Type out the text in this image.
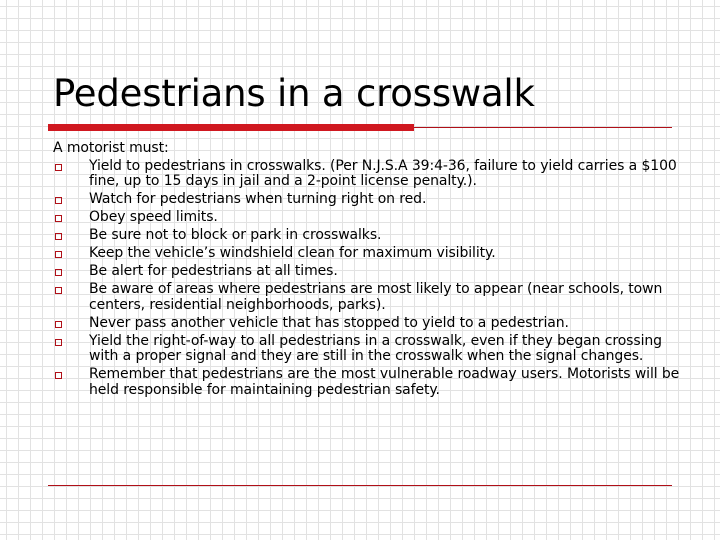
Pedestrians in a crosswalk

A motorist must:

Yield to pedestrians in crosswalks. (Per N.J.S.A 39:4-36, failure to yield carries a $100 fine, up to 15 days in jail and a 2-point license penalty.).
Watch for pedestrians when turning right on red.
Obey speed limits.
Be sure not to block or park in crosswalks.
Keep the vehicle’s windshield clean for maximum visibility.
Be alert for pedestrians at all times.
Be aware of areas where pedestrians are most likely to appear (near schools, town centers, residential neighborhoods, parks).
Never pass another vehicle that has stopped to yield to a pedestrian.
Yield the right-of-way to all pedestrians in a crosswalk, even if they began crossing with a proper signal and they are still in the crosswalk when the signal changes.
Remember that pedestrians are the most vulnerable roadway users. Motorists will be held responsible for maintaining pedestrian safety.
